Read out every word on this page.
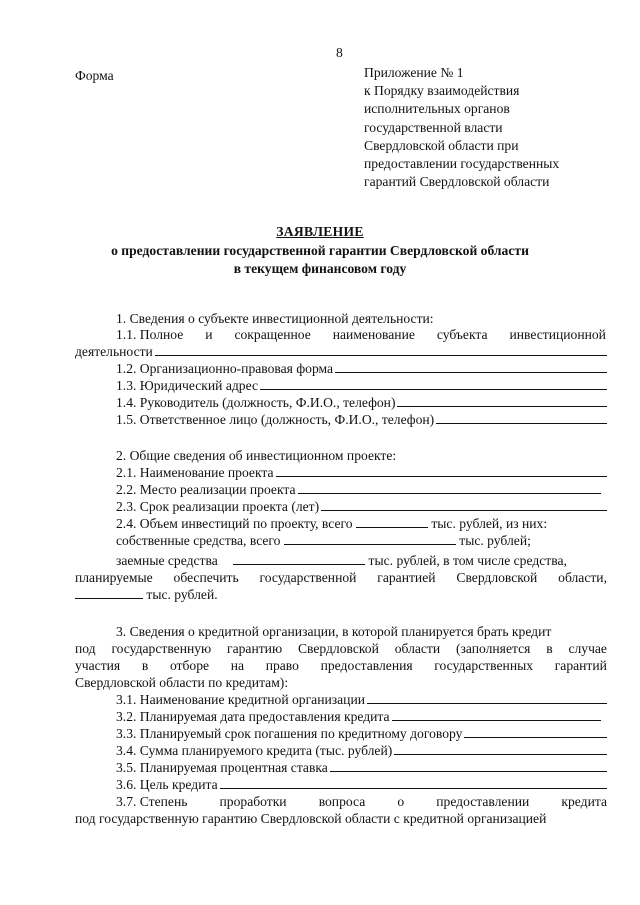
8
Форма	Приложение № 1
к Порядку взаимодействия
исполнительных органов
государственной власти
Свердловской области при
предоставлении государственных
гарантий Свердловской области
ЗАЯВЛЕНИЕ
о предоставлении государственной гарантии Свердловской области
в текущем финансовом году
1. Сведения о субъекте инвестиционной деятельности:
1.1. Полное и сокращенное наименование субъекта инвестиционной
деятельности
1.2. Организационно-правовая форма
1.3. Юридический адрес
1.4. Руководитель (должность, Ф.И.О., телефон)
1.5. Ответственное лицо (должность, Ф.И.О., телефон)
2. Общие сведения об инвестиционном проекте:
2.1. Наименование проекта
2.2. Место реализации проекта
2.3. Срок реализации проекта (лет)
2.4. Объем инвестиций по проекту, всего	тыс. рублей, из них:
собственные средства, всего	тыс. рублей;
заемные средства	тыс. рублей, в том числе средства,
планируемые обеспечить государственной гарантией Свердловской области,
тыс. рублей.
3. Сведения о кредитной организации, в которой планируется брать кредит
под государственную гарантию Свердловской области (заполняется в случае
участия в отборе на право предоставления государственных гарантий
Свердловской области по кредитам):
3.1. Наименование кредитной организации
3.2. Планируемая дата предоставления кредита
3.3. Планируемый срок погашения по кредитному договору
3.4. Сумма планируемого кредита (тыс. рублей)
3.5. Планируемая процентная ставка
3.6. Цель кредита
3.7. Степень проработки вопроса о предоставлении кредита
под государственную гарантию Свердловской области с кредитной организацией
